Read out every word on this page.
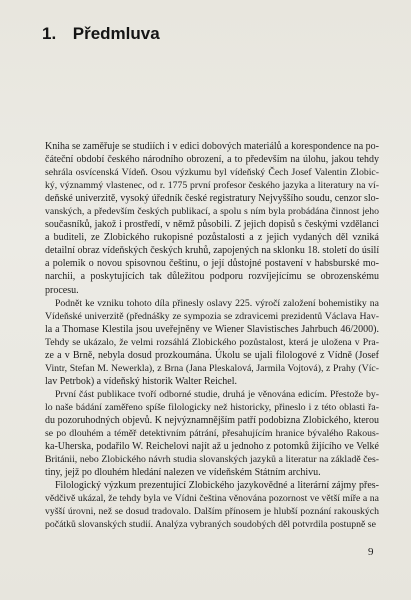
1. Předmluva
Kniha se zaměřuje se studiích i v edici dobových materiálů a korespondence na po-
čáteční období českého národního obrození, a to především na úlohu, jakou tehdy
sehrála osvícenská Vídeň. Osou výzkumu byl vídeňský Čech Josef Valentin Zlobic-
ký, význammý vlastenec, od r. 1775 první profesor českého jazyka a literatury na ví-
deňské univerzitě, vysoký úředník české registratury Nejvyššího soudu, cenzor slo-
vanských, a především českých publikací, a spolu s ním byla probádána činnost jeho
současníků, jakož i prostředí, v němž působili. Z jejich dopisů s českými vzdělanci
a buditeli, ze Zlobického rukopisné pozůstalosti a z jejich vydaných děl vzniká
detailní obraz vídeňských českých kruhů, zapojených na sklonku 18. století do úsilí
a polemik o novou spisovnou češtinu, o její důstojné postavení v habsburské mo-
narchii, a poskytujících tak důležitou podporu rozvíjejícímu se obrozenskému
procesu.
Podnět ke vzniku tohoto díla přinesly oslavy 225. výročí založení bohemistiky na
Vídeňské univerzitě (přednášky ze sympozia se zdravicemi prezidentů Václava Hav-
la a Thomase Klestila jsou uveřejněny ve Wiener Slavistisches Jahrbuch 46/2000).
Tehdy se ukázalo, že velmi rozsáhlá Zlobického pozůstalost, která je uložena v Pra-
ze a v Brně, nebyla dosud prozkoumána. Úkolu se ujali filologové z Vídně (Josef
Vintr, Stefan M. Newerkla), z Brna (Jana Pleskalová, Jarmila Vojtová), z Prahy (Víc-
lav Petrbok) a vídeňský historik Walter Reichel.
První část publikace tvoří odborné studie, druhá je věnována edicím. Přestože by-
lo naše bádání zaměřeno spíše filologicky než historicky, přineslo i z této oblasti řa-
du pozoruhodných objevů. K nejvýznamnějším patří podobizna Zlobického, kterou
se po dlouhém a téměř detektivním pátrání, přesahujícím hranice bývalého Rakous-
ka-Uherska, podařilo W. Reichelovi najít až u jednoho z potomků žijícího ve Velké
Británii, nebo Zlobického návrh studia slovanských jazyků a literatur na základě čes-
tiny, jejž po dlouhém hledání nalezen ve vídeňském Státním archivu.
Filologický výzkum prezentující Zlobického jazykovědné a literární zájmy přes-
vědčivě ukázal, že tehdy byla ve Vídni čeština věnována pozornost ve větší míře a na
vyšší úrovni, než se dosud tradovalo. Dalším přínosem je hlubší poznání rakouských
počátků slovanských studií. Analýza vybraných soudobých děl potvrdila postupně se
9
